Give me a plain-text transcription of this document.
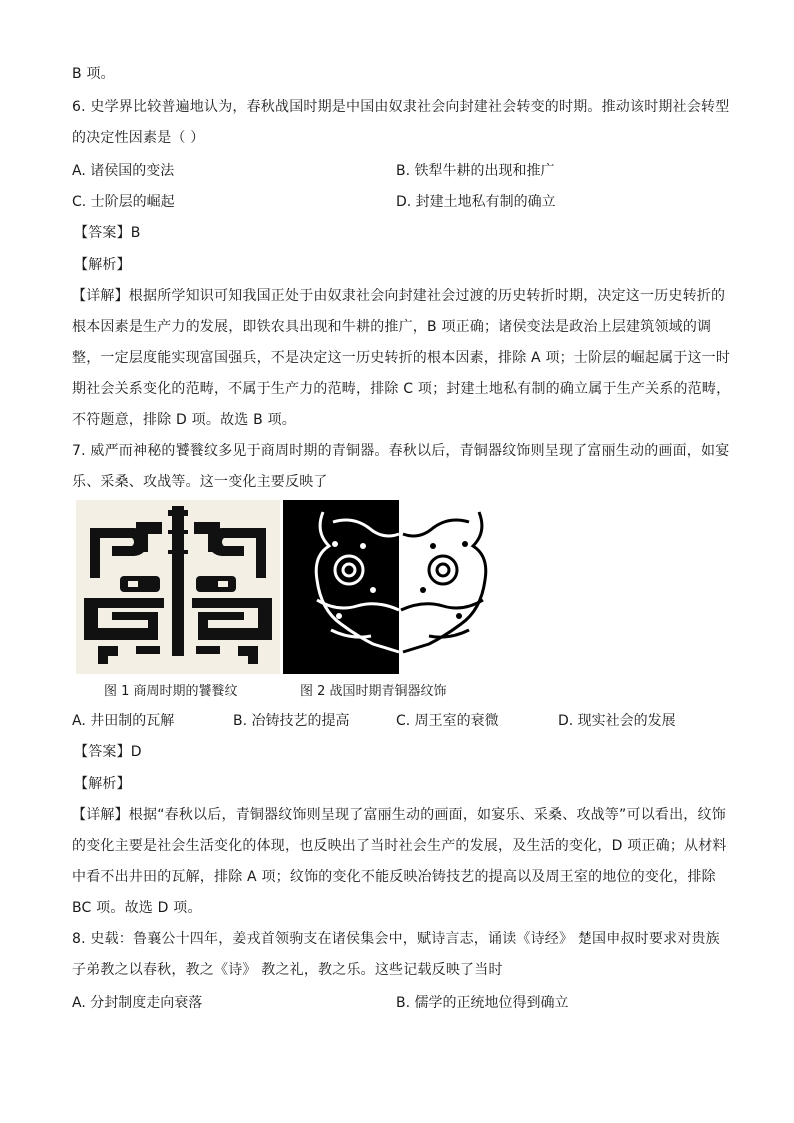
B 项。
6. 史学界比较普遍地认为，春秋战国时期是中国由奴隶社会向封建社会转变的时期。推动该时期社会转型
的决定性因素是（ ）
A. 诸侯国的变法	B. 铁犁牛耕的出现和推广
C. 士阶层的崛起	D. 封建土地私有制的确立
【答案】B
【解析】
【详解】根据所学知识可知我国正处于由奴隶社会向封建社会过渡的历史转折时期，决定这一历史转折的
根本因素是生产力的发展，即铁农具出现和牛耕的推广，B 项正确；诸侯变法是政治上层建筑领域的调
整，一定层度能实现富国强兵，不是决定这一历史转折的根本因素，排除 A 项；士阶层的崛起属于这一时
期社会关系变化的范畴，不属于生产力的范畴，排除 C 项；封建土地私有制的确立属于生产关系的范畴，
不符题意，排除 D 项。故选 B 项。
7. 威严而神秘的饕餮纹多见于商周时期的青铜器。春秋以后，青铜器纹饰则呈现了富丽生动的画面，如宴
乐、采桑、攻战等。这一变化主要反映了
图 1 商周时期的饕餮纹	图 2 战国时期青铜器纹饰
A. 井田制的瓦解	B. 冶铸技艺的提高	C. 周王室的衰微	D. 现实社会的发展
【答案】D
【解析】
【详解】根据“春秋以后，青铜器纹饰则呈现了富丽生动的画面，如宴乐、采桑、攻战等”可以看出，纹饰
的变化主要是社会生活变化的体现，也反映出了当时社会生产的发展，及生活的变化，D 项正确；从材料
中看不出井田的瓦解，排除 A 项；纹饰的变化不能反映冶铸技艺的提高以及周王室的地位的变化，排除
BC 项。故选 D 项。
8. 史载：鲁襄公十四年，姜戎首领驹支在诸侯集会中，赋诗言志，诵读《诗经》 楚国申叔时要求对贵族
子弟教之以春秋，教之《诗》 教之礼，教之乐。这些记载反映了当时
A. 分封制度走向衰落	B. 儒学的正统地位得到确立
